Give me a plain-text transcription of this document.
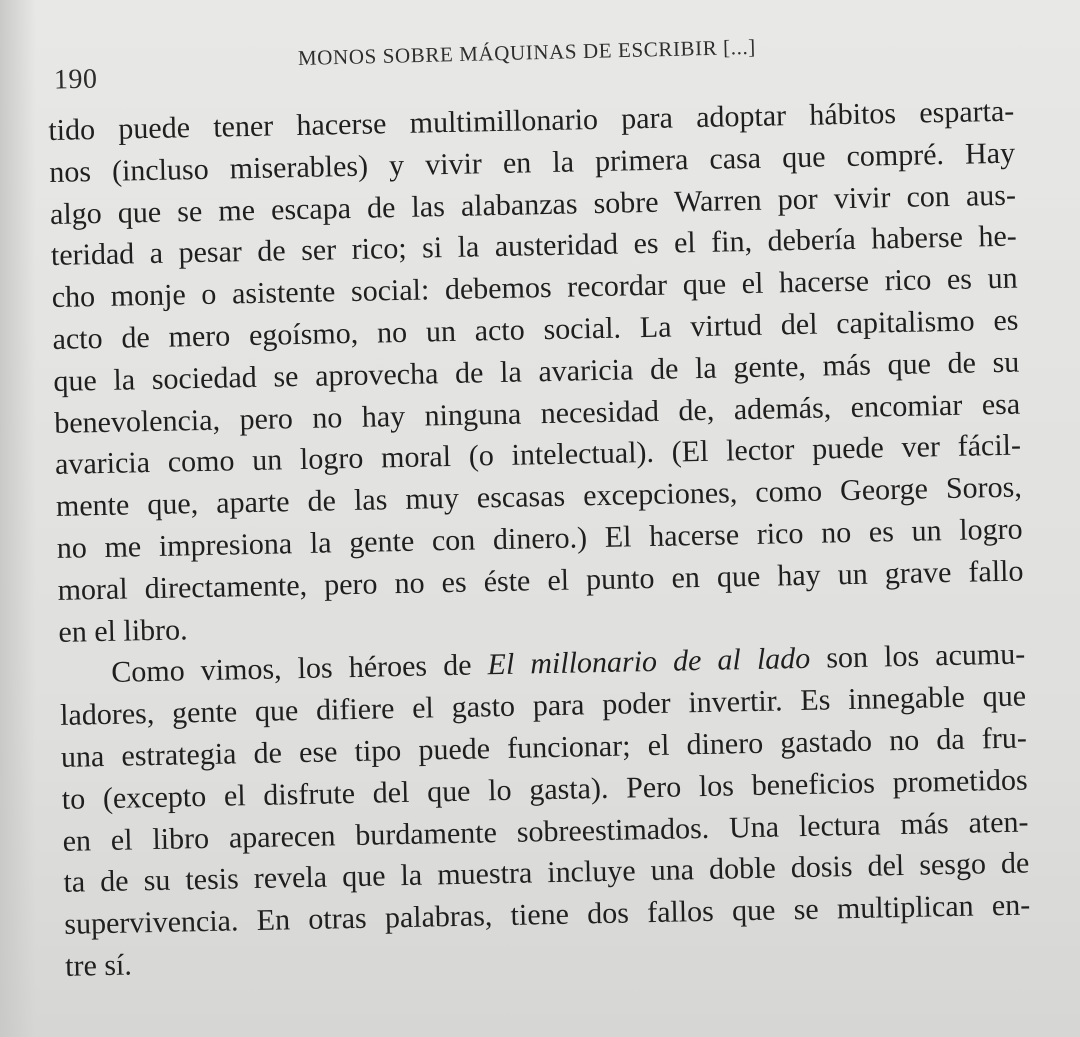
190
MONOS SOBRE MÁQUINAS DE ESCRIBIR [...]
tido puede tener hacerse multimillonario para adoptar hábitos esparta-
nos (incluso miserables) y vivir en la primera casa que compré. Hay
algo que se me escapa de las alabanzas sobre Warren por vivir con aus-
teridad a pesar de ser rico; si la austeridad es el fin, debería haberse he-
cho monje o asistente social: debemos recordar que el hacerse rico es un
acto de mero egoísmo, no un acto social. La virtud del capitalismo es
que la sociedad se aprovecha de la avaricia de la gente, más que de su
benevolencia, pero no hay ninguna necesidad de, además, encomiar esa
avaricia como un logro moral (o intelectual). (El lector puede ver fácil-
mente que, aparte de las muy escasas excepciones, como George Soros,
no me impresiona la gente con dinero.) El hacerse rico no es un logro
moral directamente, pero no es éste el punto en que hay un grave fallo
en el libro.
Como vimos, los héroes de El millonario de al lado son los acumu-
ladores, gente que difiere el gasto para poder invertir. Es innegable que
una estrategia de ese tipo puede funcionar; el dinero gastado no da fru-
to (excepto el disfrute del que lo gasta). Pero los beneficios prometidos
en el libro aparecen burdamente sobreestimados. Una lectura más aten-
ta de su tesis revela que la muestra incluye una doble dosis del sesgo de
supervivencia. En otras palabras, tiene dos fallos que se multiplican en-
tre sí.
